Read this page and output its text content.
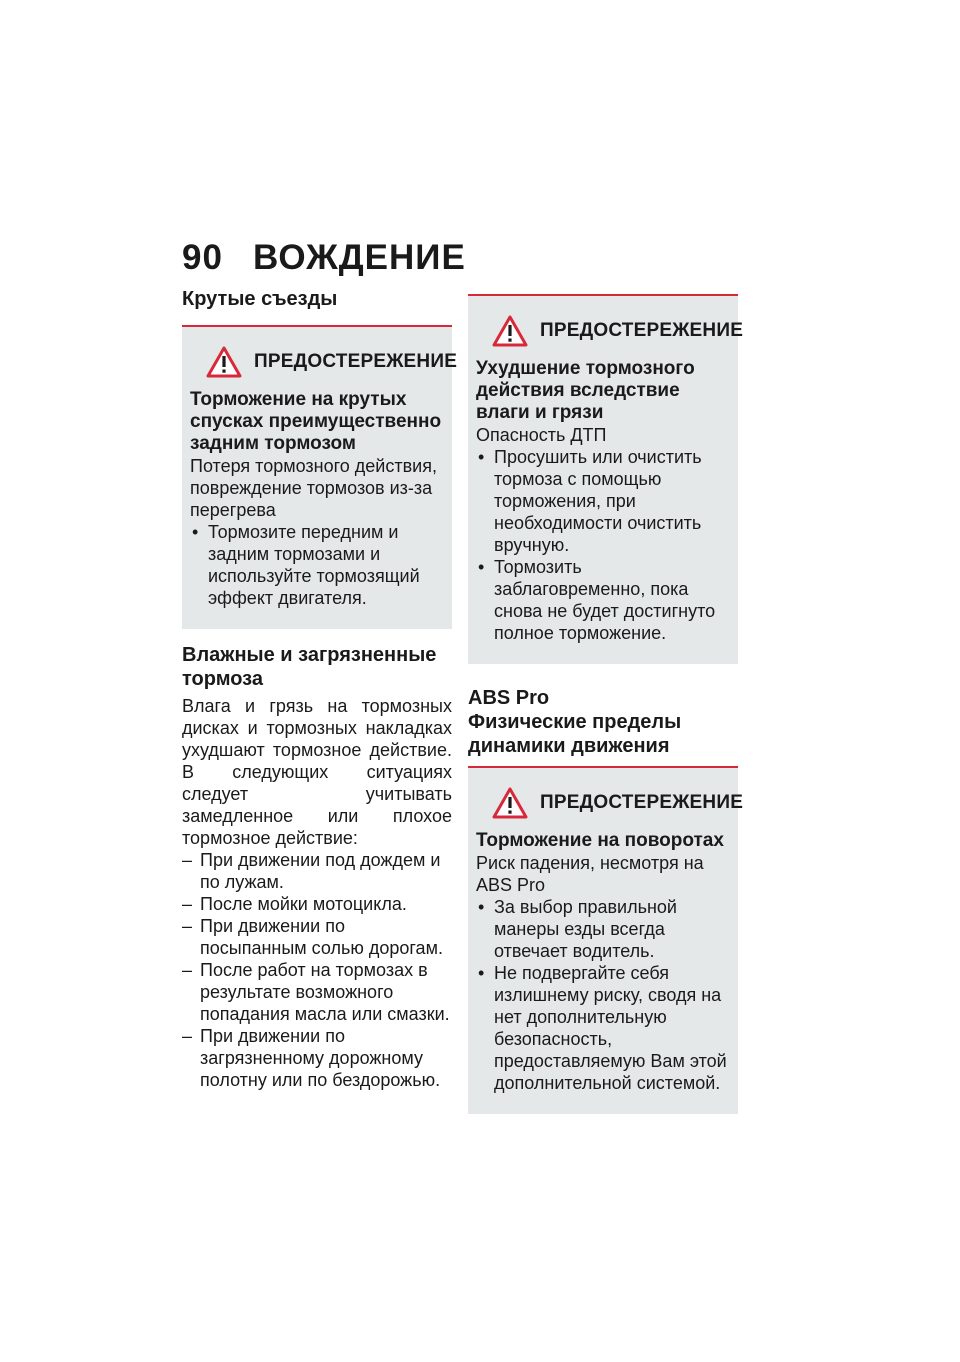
90 ВОЖДЕНИЕ
Крутые съезды
ПРЕДОСТЕРЕЖЕНИЕ
Торможение на крутых спусках преимущественно задним тормозом
Потеря тормозного действия, повреждение тормозов из-за перегрева
• Тормозите передним и задним тормозами и используйте тормозящий эффект двигателя.
Влажные и загрязненные тормоза
Влага и грязь на тормозных дисках и тормозных накладках ухудшают тормозное действие. В следующих ситуациях следует учитывать замедленное или плохое тормозное действие:
– При движении под дождем и по лужам.
– После мойки мотоцикла.
– При движении по посыпанным солью дорогам.
– После работ на тормозах в результате возможного попадания масла или смазки.
– При движении по загрязненному дорожному полотну или по бездорожью.
ПРЕДОСТЕРЕЖЕНИЕ
Ухудшение тормозного действия вследствие влаги и грязи
Опасность ДТП
• Просушить или очистить тормоза с помощью торможения, при необходимости очистить вручную.
• Тормозить заблаговременно, пока снова не будет достигнуто полное торможение.
ABS Pro
Физические пределы динамики движения
ПРЕДОСТЕРЕЖЕНИЕ
Торможение на поворотах
Риск падения, несмотря на ABS Pro
• За выбор правильной манеры езды всегда отвечает водитель.
• Не подвергайте себя излишнему риску, сводя на нет дополнительную безопасность, предоставляемую Вам этой дополнительной системой.
